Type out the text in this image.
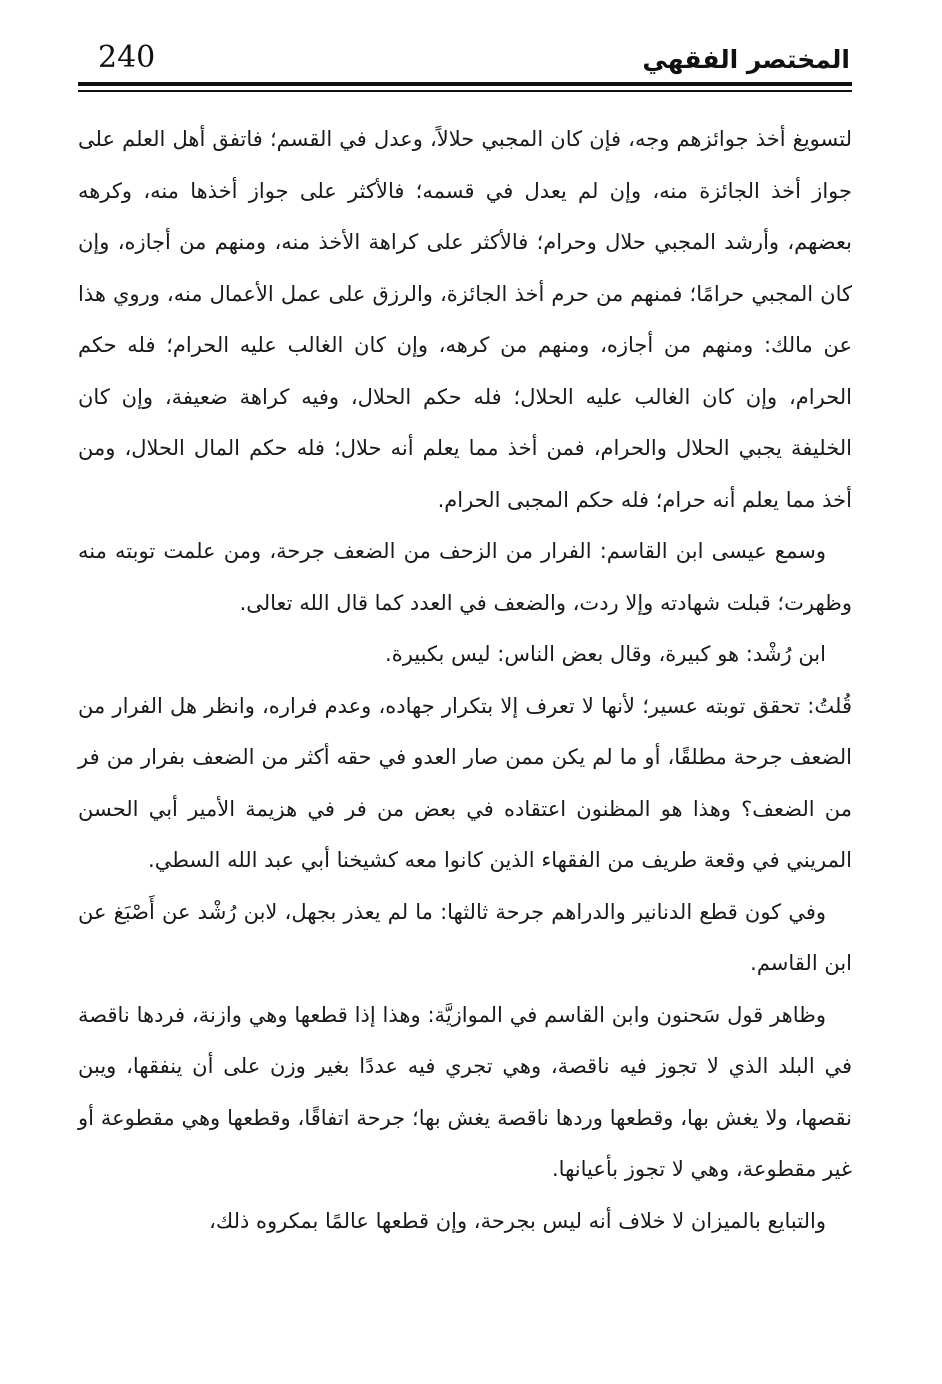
240	المختصر الفقهي

لتسويغ أخذ جوائزهم وجه، فإن كان المجبي حلالاً، وعدل في القسم؛ فاتفق أهل العلم على جواز أخذ الجائزة منه، وإن لم يعدل في قسمه؛ فالأكثر على جواز أخذها منه، وكرهه بعضهم، وأرشد المجبي حلال وحرام؛ فالأكثر على كراهة الأخذ منه، ومنهم من أجازه، وإن كان المجبي حرامًا؛ فمنهم من حرم أخذ الجائزة، والرزق على عمل الأعمال منه، وروي هذا عن مالك: ومنهم من أجازه، ومنهم من كرهه، وإن كان الغالب عليه الحرام؛ فله حكم الحرام، وإن كان الغالب عليه الحلال؛ فله حكم الحلال، وفيه كراهة ضعيفة، وإن كان الخليفة يجبي الحلال والحرام، فمن أخذ مما يعلم أنه حلال؛ فله حكم المال الحلال، ومن أخذ مما يعلم أنه حرام؛ فله حكم المجبى الحرام.

وسمع عيسى ابن القاسم: الفرار من الزحف من الضعف جرحة، ومن علمت توبته منه وظهرت؛ قبلت شهادته وإلا ردت، والضعف في العدد كما قال الله تعالى.

ابن رُشْد: هو كبيرة، وقال بعض الناس: ليس بكبيرة.

قُلتُ: تحقق توبته عسير؛ لأنها لا تعرف إلا بتكرار جهاده، وعدم فراره، وانظر هل الفرار من الضعف جرحة مطلقًا، أو ما لم يكن ممن صار العدو في حقه أكثر من الضعف بفرار من فر من الضعف؟ وهذا هو المظنون اعتقاده في بعض من فر في هزيمة الأمير أبي الحسن المريني في وقعة طريف من الفقهاء الذين كانوا معه كشيخنا أبي عبد الله السطي.

وفي كون قطع الدنانير والدراهم جرحة ثالثها: ما لم يعذر بجهل، لابن رُشْد عن أَصْبَغ عن ابن القاسم.

وظاهر قول سَحنون وابن القاسم في الموازيَّة: وهذا إذا قطعها وهي وازنة، فردها ناقصة في البلد الذي لا تجوز فيه ناقصة، وهي تجري فيه عددًا بغير وزن على أن ينفقها، ويبن نقصها، ولا يغش بها، وقطعها وردها ناقصة يغش بها؛ جرحة اتفاقًا، وقطعها وهي مقطوعة أو غير مقطوعة، وهي لا تجوز بأعيانها.

والتبايع بالميزان لا خلاف أنه ليس بجرحة، وإن قطعها عالمًا بمكروه ذلك،
